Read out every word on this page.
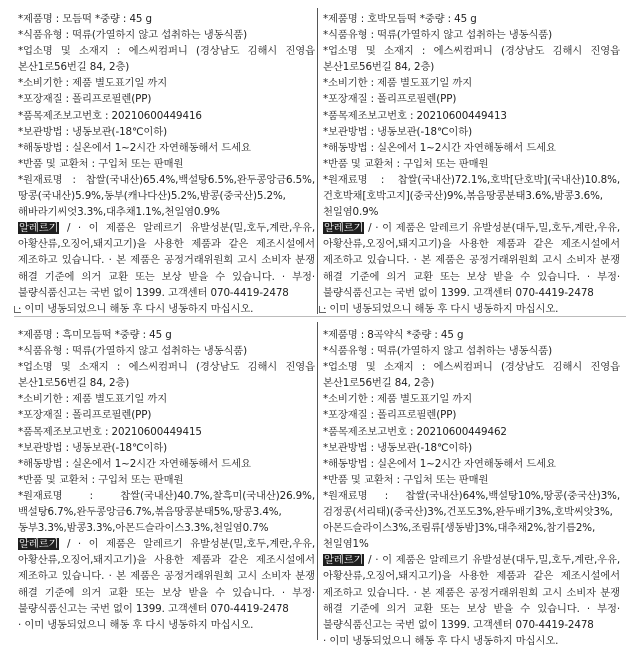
*제품명 : 모듬떡 *중량 : 45 g

*식품유형 : 떡류(가열하지 않고 섭취하는 냉동식품)

*업소명 및 소재지 : 에스씨컴퍼니 (경상남도 김해시 진영읍 본산1로56번길 84, 2층)

*소비기한 : 제품 별도표기일 까지

*포장재질 : 폴리프로필렌(PP)

*품목제조보고번호 : 20210600449416

*보관방법 : 냉동보관(-18℃이하)

*해동방법 : 실온에서 1~2시간 자연해동해서 드세요

*반품 및 교환처 : 구입처 또는 판매원

*원재료명 : 찹쌀(국내산)65.4%,백설탕6.5%,완두콩앙금6.5%,땅콩(국내산)5.9%,동부(캐나다산)5.2%,밤콩(중국산)5.2%,해바라기씨엇3.3%,대추채1.1%,천일염0.9%

알레르기 / · 이 제품은 알레르기 유발성분(밀,호두,계란,우유,아황산류,오징어,돼지고기)을 사용한 제품과 같은 제조시설에서 제조하고 있습니다. · 본 제품은 공정거래위원회 고시 소비자 분쟁 해결 기준에 의거 교환 또는 보상 받을 수 있습니다. · 부정·불량식품신고는 국번 없이 1399. 고객센터 070-4419-2478

· 이미 냉동되었으니 해동 후 다시 냉동하지 마십시오.

*제품명 : 호박모듬떡 *중량 : 45 g

*식품유형 : 떡류(가열하지 않고 섭취하는 냉동식품)

*업소명 및 소재지 : 에스씨컴퍼니 (경상남도 김해시 진영읍 본산1로56번길 84, 2층)

*소비기한 : 제품 별도표기일 까지

*포장재질 : 폴리프로필렌(PP)

*품목제조보고번호 : 20210600449413

*보관방법 : 냉동보관(-18℃이하)

*해동방법 : 실온에서 1~2시간 자연해동해서 드세요

*반품 및 교환처 : 구입처 또는 판매원

*원재료명 : 찹쌀(국내산)72.1%,호박[단호박](국내산)10.8%,건호박채[호박고지](중국산)9%,볶음땅콩분태3.6%,밤콩3.6%,천일염0.9%

알레르기 / · 이 제품은 알레르기 유발성분(대두,밀,호두,계란,우유,아황산류,오징어,돼지고기)을 사용한 제품과 같은 제조시설에서 제조하고 있습니다. · 본 제품은 공정거래위원회 고시 소비자 분쟁 해결 기준에 의거 교환 또는 보상 받을 수 있습니다. · 부정·불량식품신고는 국번 없이 1399. 고객센터 070-4419-2478

· 이미 냉동되었으니 해동 후 다시 냉동하지 마십시오.

*제품명 : 흑미모듬떡 *중량 : 45 g

*식품유형 : 떡류(가열하지 않고 섭취하는 냉동식품)

*업소명 및 소재지 : 에스씨컴퍼니 (경상남도 김해시 진영읍 본산1로56번길 84, 2층)

*소비기한 : 제품 별도표기일 까지

*포장재질 : 폴리프로필렌(PP)

*품목제조보고번호 : 20210600449415

*보관방법 : 냉동보관(-18℃이하)

*해동방법 : 실온에서 1~2시간 자연해동해서 드세요

*반품 및 교환처 : 구입처 또는 판매원

*원재료명 : 찹쌀(국내산)40.7%,찰흑미(국내산)26.9%,백설탕6.7%,완두콩앙금6.7%,볶음땅콩분태5%,땅콩3.4%,동부3.3%,밤콩3.3%,아몬드슬라이스3.3%,천일염0.7%

알레르기 / · 이 제품은 알레르기 유발성분(밀,호두,계란,우유,아황산류,오징어,돼지고기)을 사용한 제품과 같은 제조시설에서 제조하고 있습니다. · 본 제품은 공정거래위원회 고시 소비자 분쟁 해결 기준에 의거 교환 또는 보상 받을 수 있습니다. · 부정·불량식품신고는 국번 없이 1399. 고객센터 070-4419-2478

· 이미 냉동되었으니 해동 후 다시 냉동하지 마십시오.

*제품명 : 8곡약식 *중량 : 45 g

*식품유형 : 떡류(가열하지 않고 섭취하는 냉동식품)

*업소명 및 소재지 : 에스씨컴퍼니 (경상남도 김해시 진영읍 본산1로56번길 84, 2층)

*소비기한 : 제품 별도표기일 까지

*포장재질 : 폴리프로필렌(PP)

*품목제조보고번호 : 20210600449462

*보관방법 : 냉동보관(-18℃이하)

*해동방법 : 실온에서 1~2시간 자연해동해서 드세요

*반품 및 교환처 : 구입처 또는 판매원

*원재료명 : 찹쌀(국내산)64%,백설탕10%,땅콩(중국산)3%,검정콩(서리태)(중국산)3%,건포도3%,완두배기3%,호박씨앗3%,아몬드슬라이스3%,조림류[생동밤]3%,대추채2%,참기름2%,천일염1%

알레르기 / · 이 제품은 알레르기 유발성분(대두,밀,호두,계란,우유,아황산류,오징어,돼지고기)을 사용한 제품과 같은 제조시설에서 제조하고 있습니다. · 본 제품은 공정거래위원회 고시 소비자 분쟁 해결 기준에 의거 교환 또는 보상 받을 수 있습니다. · 부정·불량식품신고는 국번 없이 1399. 고객센터 070-4419-2478

· 이미 냉동되었으니 해동 후 다시 냉동하지 마십시오.
